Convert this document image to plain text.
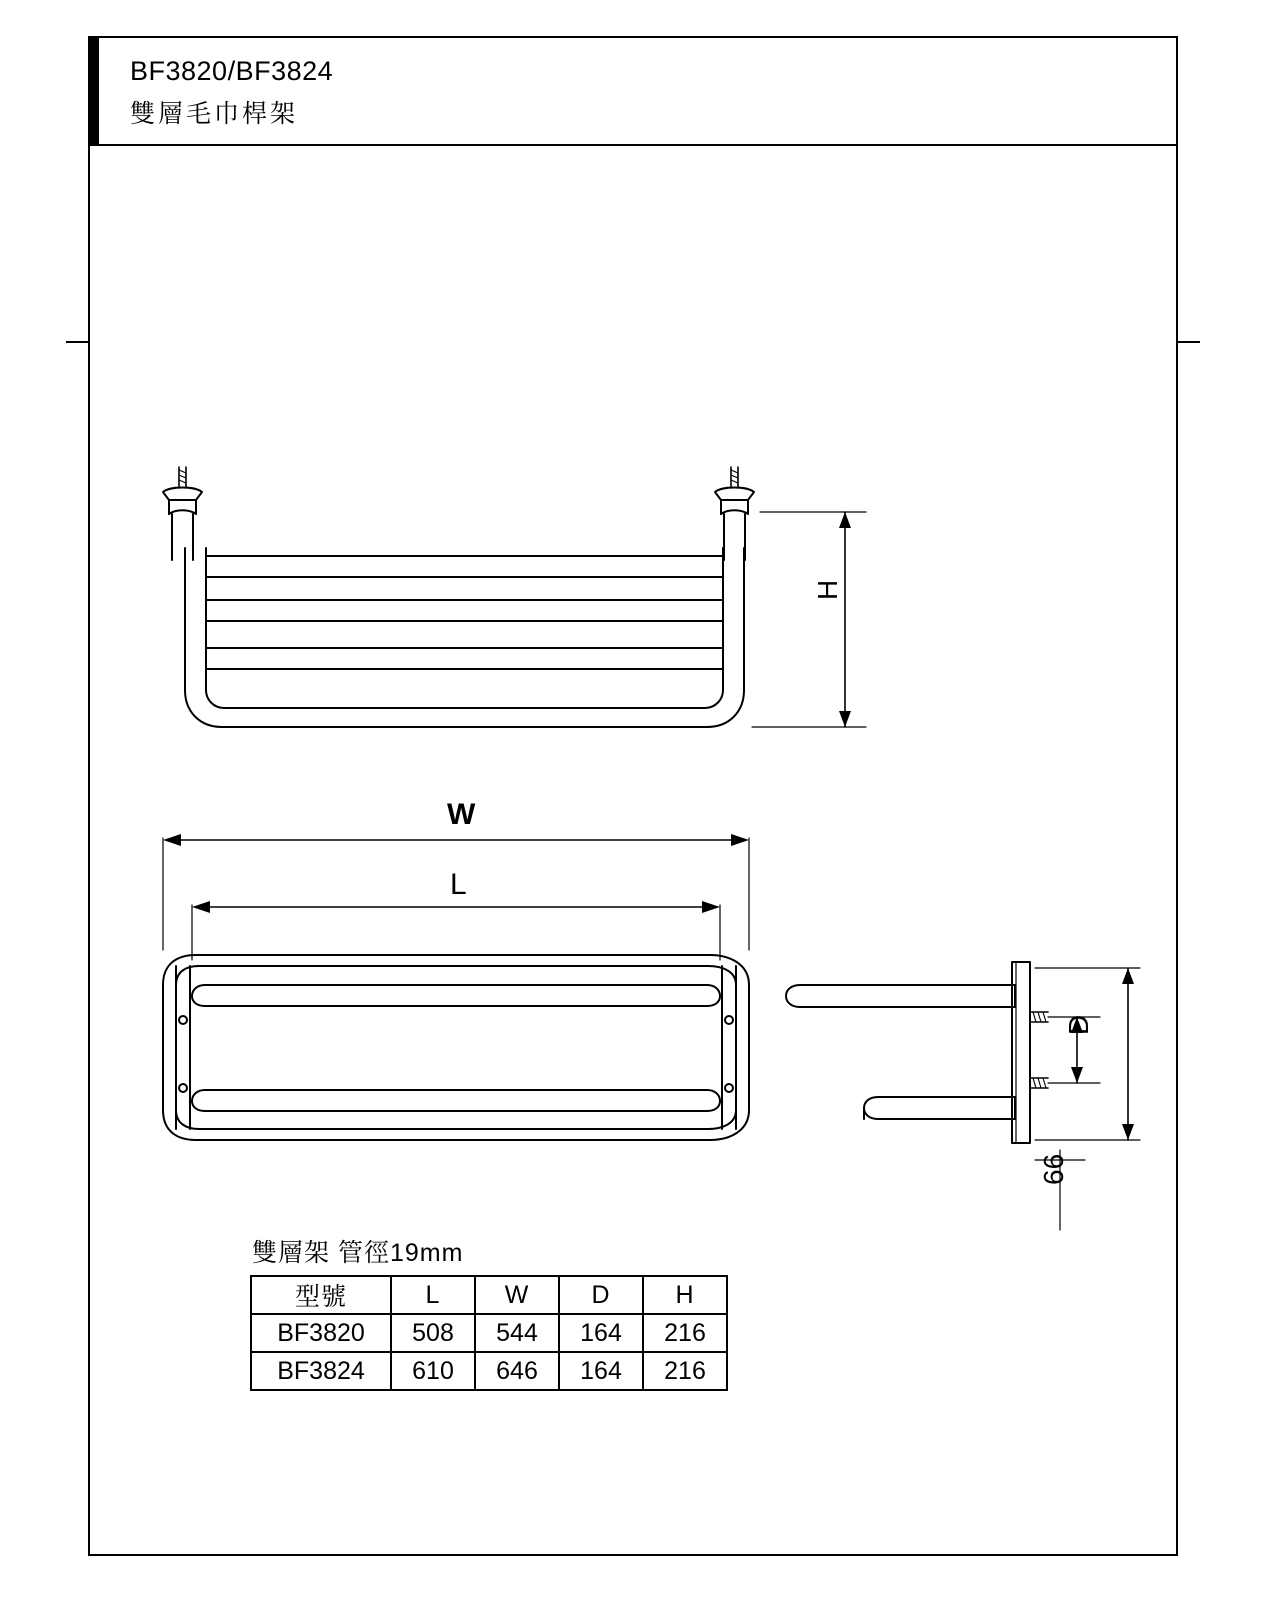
BF3820/BF3824
雙層毛巾桿架
H
W
L
D
66
雙層架 管徑19mm
型號	L	W	D	H
BF3820	508	544	164	216
BF3824	610	646	164	216
